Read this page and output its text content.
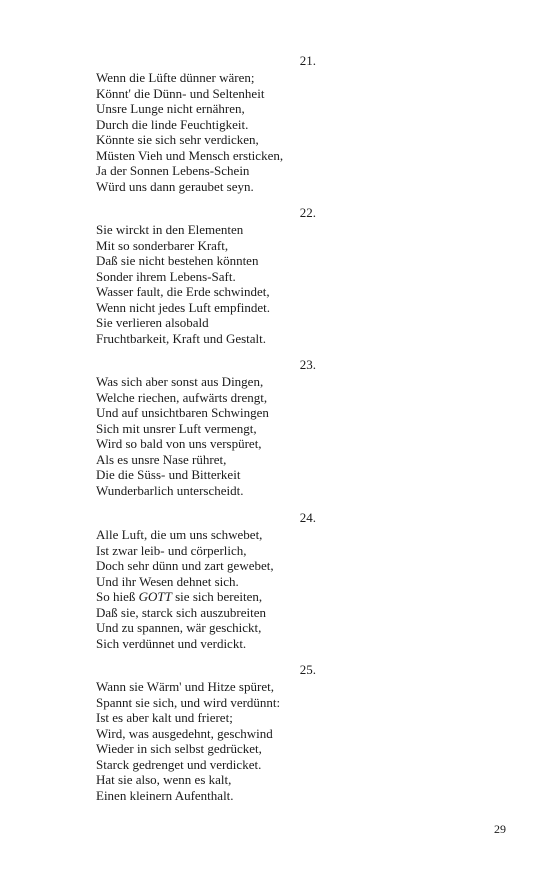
21.
Wenn die Lüfte dünner wären;
Könnt' die Dünn- und Seltenheit
Unsre Lunge nicht ernähren,
Durch die linde Feuchtigkeit.
Könnte sie sich sehr verdicken,
Müsten Vieh und Mensch ersticken,
Ja der Sonnen Lebens-Schein
Würd uns dann geraubet seyn.
22.
Sie wirckt in den Elementen
Mit so sonderbarer Kraft,
Daß sie nicht bestehen könnten
Sonder ihrem Lebens-Saft.
Wasser fault, die Erde schwindet,
Wenn nicht jedes Luft empfindet.
Sie verlieren alsobald
Fruchtbarkeit, Kraft und Gestalt.
23.
Was sich aber sonst aus Dingen,
Welche riechen, aufwärts drengt,
Und auf unsichtbaren Schwingen
Sich mit unsrer Luft vermengt,
Wird so bald von uns verspüret,
Als es unsre Nase rühret,
Die die Süss- und Bitterkeit
Wunderbarlich unterscheidt.
24.
Alle Luft, die um uns schwebet,
Ist zwar leib- und cörperlich,
Doch sehr dünn und zart gewebet,
Und ihr Wesen dehnet sich.
So hieß GOTT sie sich bereiten,
Daß sie, starck sich auszubreiten
Und zu spannen, wär geschickt,
Sich verdünnet und verdickt.
25.
Wann sie Wärm' und Hitze spüret,
Spannt sie sich, und wird verdünnt:
Ist es aber kalt und frieret;
Wird, was ausgedehnt, geschwind
Wieder in sich selbst gedrücket,
Starck gedrenget und verdicket.
Hat sie also, wenn es kalt,
Einen kleinern Aufenthalt.
29
